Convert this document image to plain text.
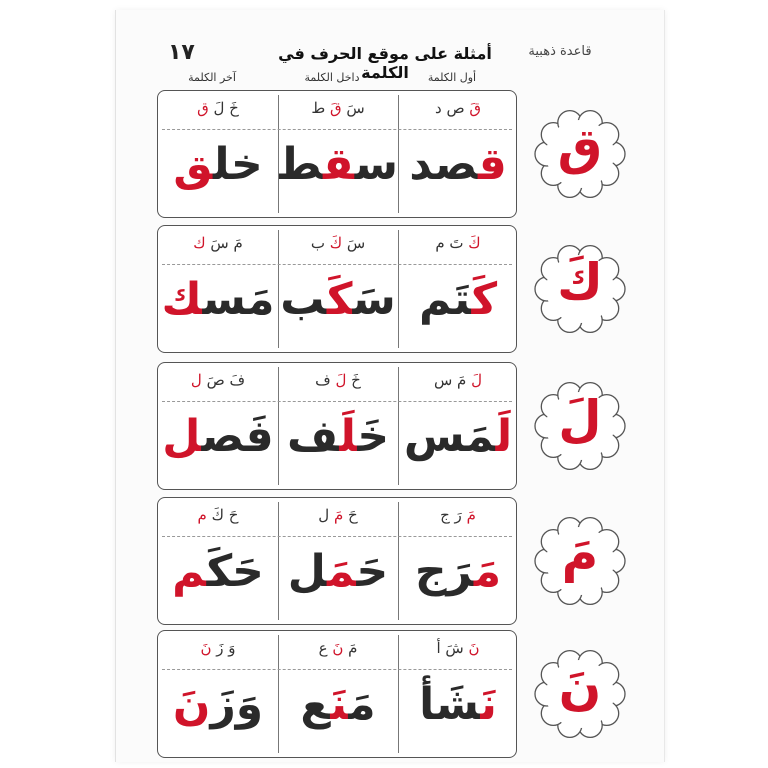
١٧	أمثلة على موقع الحرف في الكلمة
قاعدة ذهبية
أول الكلمة
داخل الكلمة
آخر الكلمة
قَ ص د
قصد
سَ قَ ط
سقط
خَ لَ ق
خلق
كَ تَ م
كَتَم
سَ كَ ب
سَكَب
مَ سَ ك
مَسك
لَ مَ س
لَمَس
خَ لَ ف
خَلَف
فَ صَ ل
فَصل
مَ رَ ج
مَرَج
حَ مَ ل
حَمَل
حَ كَ م
حَكَم
نَ شَ أ
نَشَأ
مَ نَ ع
مَنَع
وَ زَ نَ
وَزَنَ
ق
كَ
لَ
مَ
نَ
